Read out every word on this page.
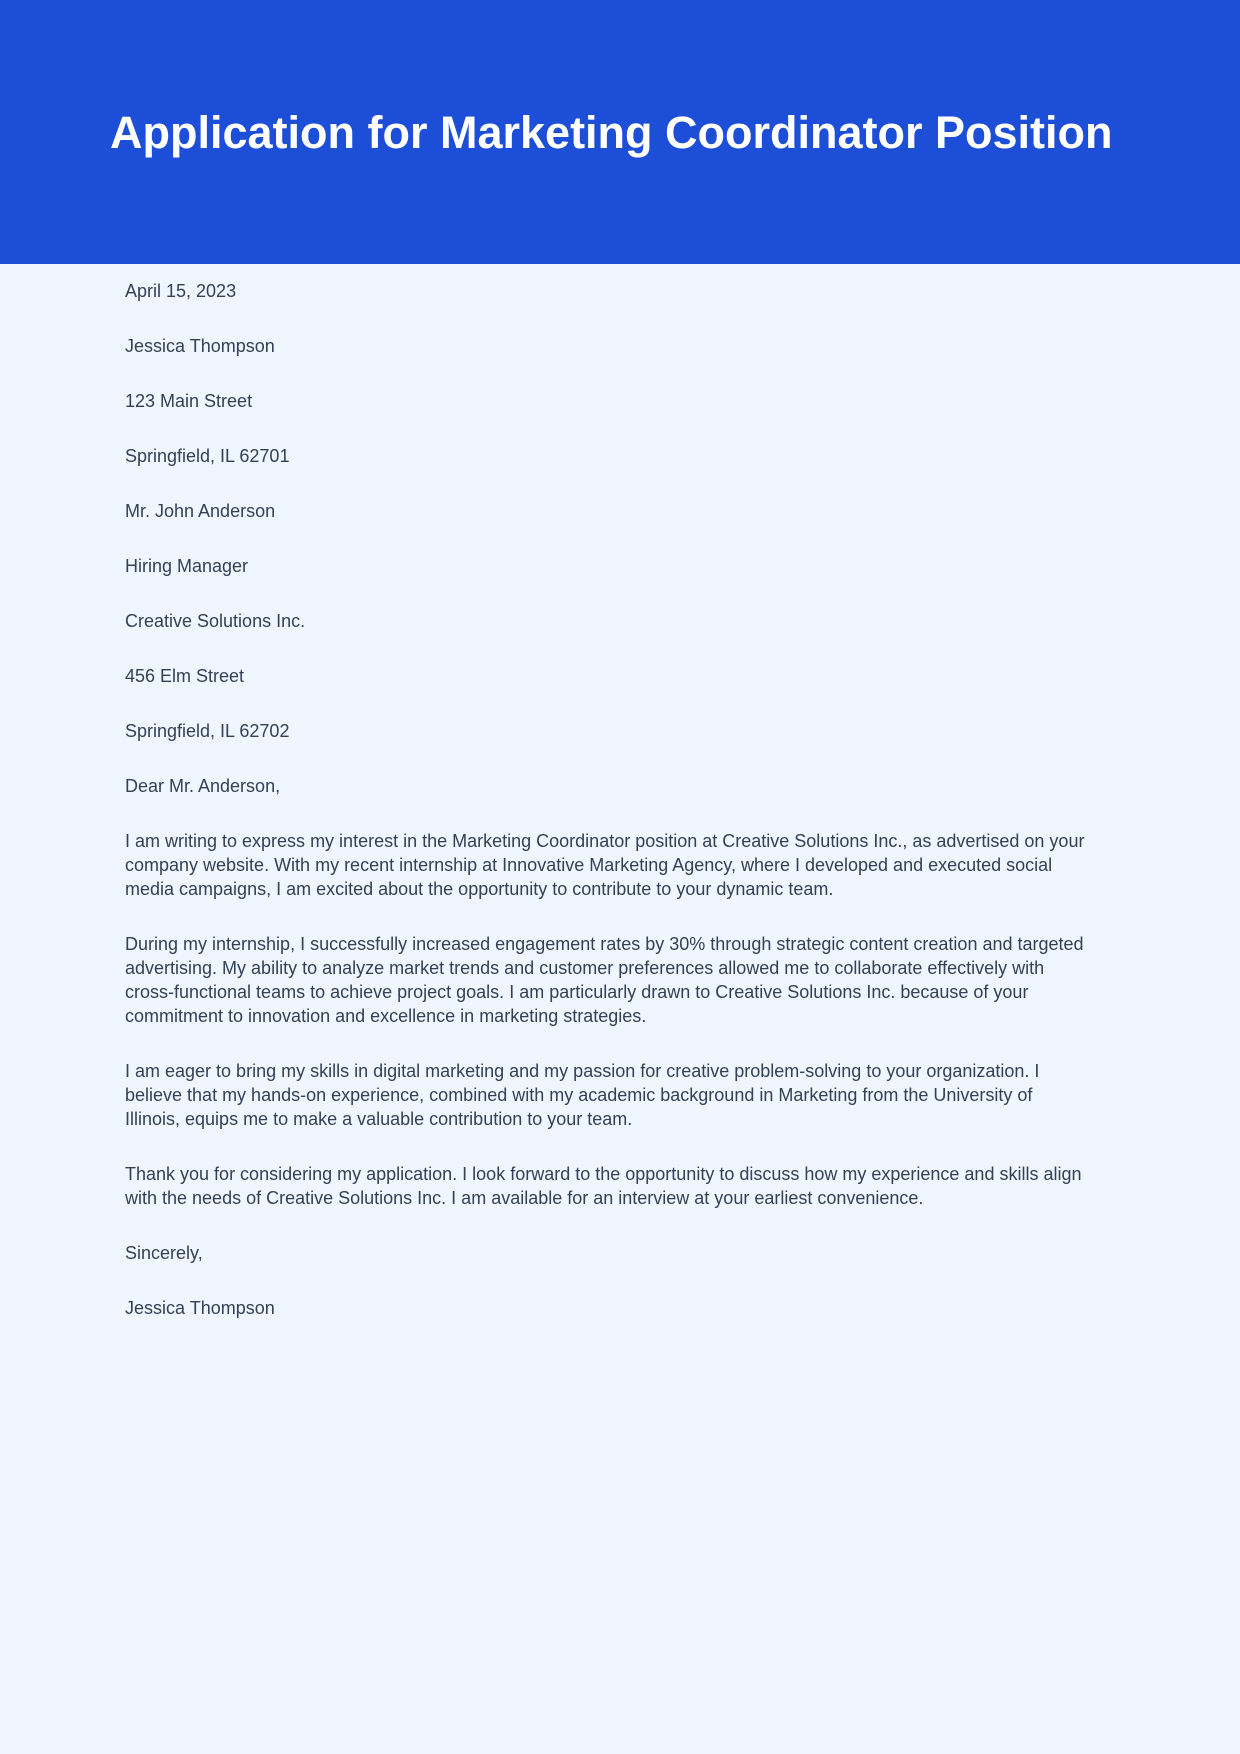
Application for Marketing Coordinator Position

April 15, 2023

Jessica Thompson

123 Main Street

Springfield, IL 62701

Mr. John Anderson

Hiring Manager

Creative Solutions Inc.

456 Elm Street

Springfield, IL 62702

Dear Mr. Anderson,

I am writing to express my interest in the Marketing Coordinator position at Creative Solutions Inc., as advertised on your company website. With my recent internship at Innovative Marketing Agency, where I developed and executed social media campaigns, I am excited about the opportunity to contribute to your dynamic team.

During my internship, I successfully increased engagement rates by 30% through strategic content creation and targeted advertising. My ability to analyze market trends and customer preferences allowed me to collaborate effectively with cross-functional teams to achieve project goals. I am particularly drawn to Creative Solutions Inc. because of your commitment to innovation and excellence in marketing strategies.

I am eager to bring my skills in digital marketing and my passion for creative problem-solving to your organization. I believe that my hands-on experience, combined with my academic background in Marketing from the University of Illinois, equips me to make a valuable contribution to your team.

Thank you for considering my application. I look forward to the opportunity to discuss how my experience and skills align with the needs of Creative Solutions Inc. I am available for an interview at your earliest convenience.

Sincerely,

Jessica Thompson
